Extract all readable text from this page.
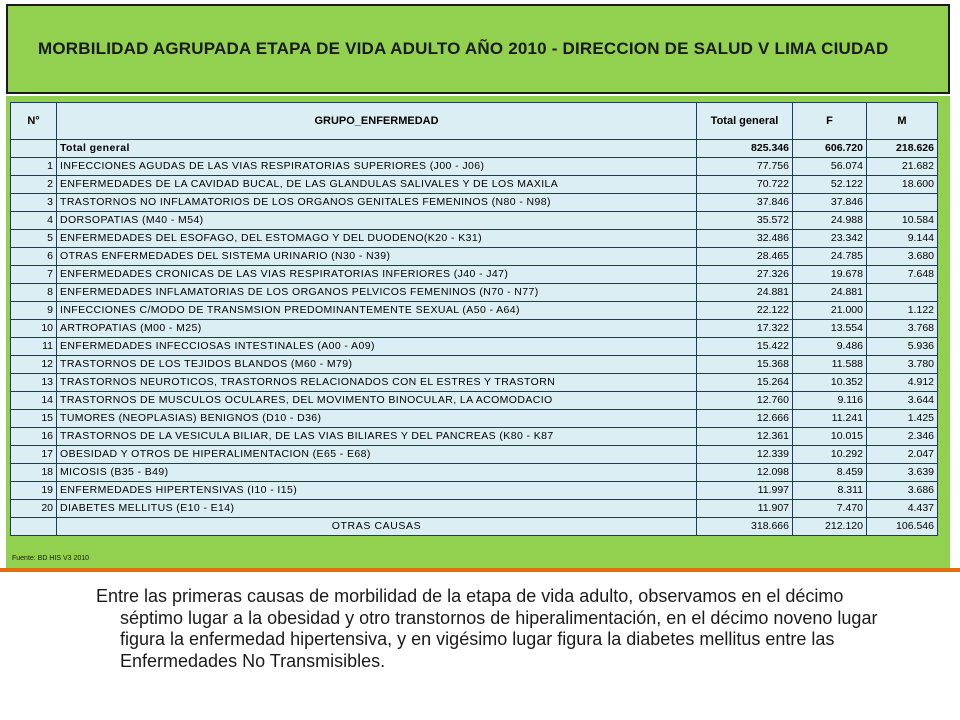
MORBILIDAD AGRUPADA ETAPA DE VIDA ADULTO AÑO 2010 - DIRECCION DE SALUD V LIMA CIUDAD
N°	GRUPO_ENFERMEDAD	Total general	F	M
	Total general	825.346	606.720	218.626
1	INFECCIONES AGUDAS DE LAS VIAS RESPIRATORIAS SUPERIORES (J00 - J06)	77.756	56.074	21.682
2	ENFERMEDADES DE LA CAVIDAD BUCAL, DE LAS GLANDULAS SALIVALES Y DE LOS MAXILA	70.722	52.122	18.600
3	TRASTORNOS NO INFLAMATORIOS DE LOS ORGANOS GENITALES FEMENINOS (N80 - N98)	37.846	37.846	
4	DORSOPATIAS (M40 - M54)	35.572	24.988	10.584
5	ENFERMEDADES DEL ESOFAGO, DEL ESTOMAGO Y DEL DUODENO(K20 - K31)	32.486	23.342	9.144
6	OTRAS ENFERMEDADES DEL SISTEMA URINARIO (N30 - N39)	28.465	24.785	3.680
7	ENFERMEDADES CRONICAS DE LAS VIAS RESPIRATORIAS INFERIORES (J40 - J47)	27.326	19.678	7.648
8	ENFERMEDADES INFLAMATORIAS DE LOS ORGANOS PELVICOS FEMENINOS (N70 - N77)	24.881	24.881	
9	INFECCIONES C/MODO DE TRANSMSION PREDOMINANTEMENTE SEXUAL (A50 - A64)	22.122	21.000	1.122
10	ARTROPATIAS (M00 - M25)	17.322	13.554	3.768
11	ENFERMEDADES INFECCIOSAS INTESTINALES (A00 - A09)	15.422	9.486	5.936
12	TRASTORNOS DE LOS TEJIDOS BLANDOS (M60 - M79)	15.368	11.588	3.780
13	TRASTORNOS NEUROTICOS, TRASTORNOS RELACIONADOS CON EL ESTRES Y TRASTORN	15.264	10.352	4.912
14	TRASTORNOS DE MUSCULOS OCULARES, DEL MOVIMENTO BINOCULAR, LA ACOMODACIO	12.760	9.116	3.644
15	TUMORES (NEOPLASIAS) BENIGNOS (D10 - D36)	12.666	11.241	1.425
16	TRASTORNOS DE LA VESICULA BILIAR, DE LAS VIAS BILIARES Y DEL PANCREAS (K80 - K87	12.361	10.015	2.346
17	OBESIDAD Y OTROS DE HIPERALIMENTACION (E65 - E68)	12.339	10.292	2.047
18	MICOSIS (B35 - B49)	12.098	8.459	3.639
19	ENFERMEDADES HIPERTENSIVAS (I10 - I15)	11.997	8.311	3.686
20	DIABETES MELLITUS (E10 - E14)	11.907	7.470	4.437
	OTRAS CAUSAS	318.666	212.120	106.546
Fuente: BD HIS V3 2010

Entre las primeras causas de morbilidad de la etapa de vida adulto, observamos en el décimo séptimo lugar a la obesidad y otro transtornos de hiperalimentación, en el décimo noveno lugar figura la enfermedad hipertensiva, y en vigésimo lugar figura la diabetes mellitus entre las Enfermedades No Transmisibles.
